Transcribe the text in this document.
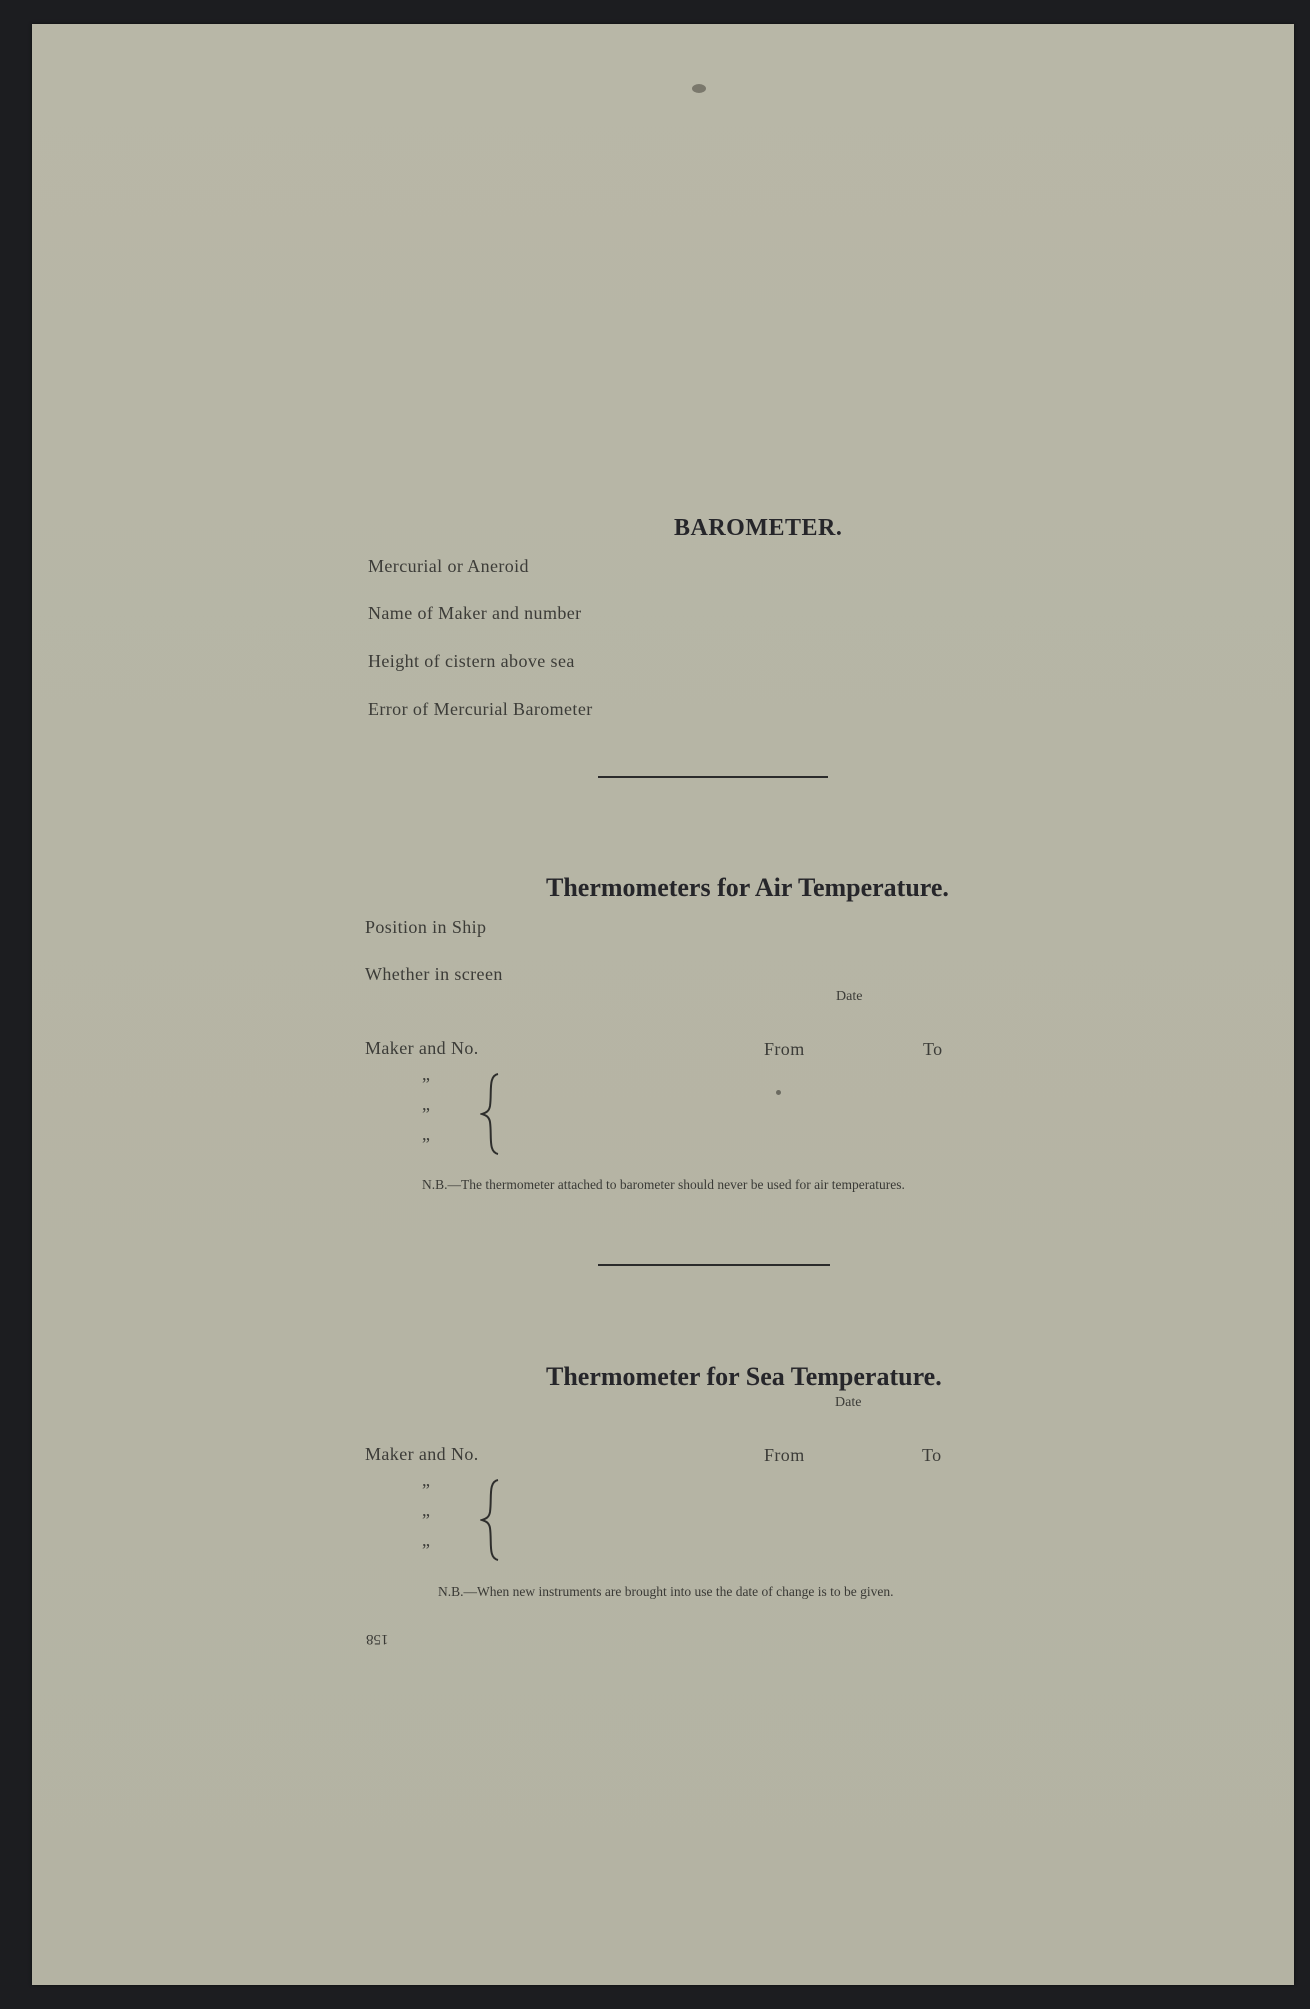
BAROMETER.
Mercurial or Aneroid
Name of Maker and number
Height of cistern above sea
Error of Mercurial Barometer
Thermometers for Air Temperature.
Position in Ship
Whether in screen
Date
Maker and No.	From	To
”
”
”
N.B.—The thermometer attached to barometer should never be used for air temperatures.
Thermometer for Sea Temperature.
Date
Maker and No.	From	To
”
”
”
N.B.—When new instruments are brought into use the date of change is to be given.
158
